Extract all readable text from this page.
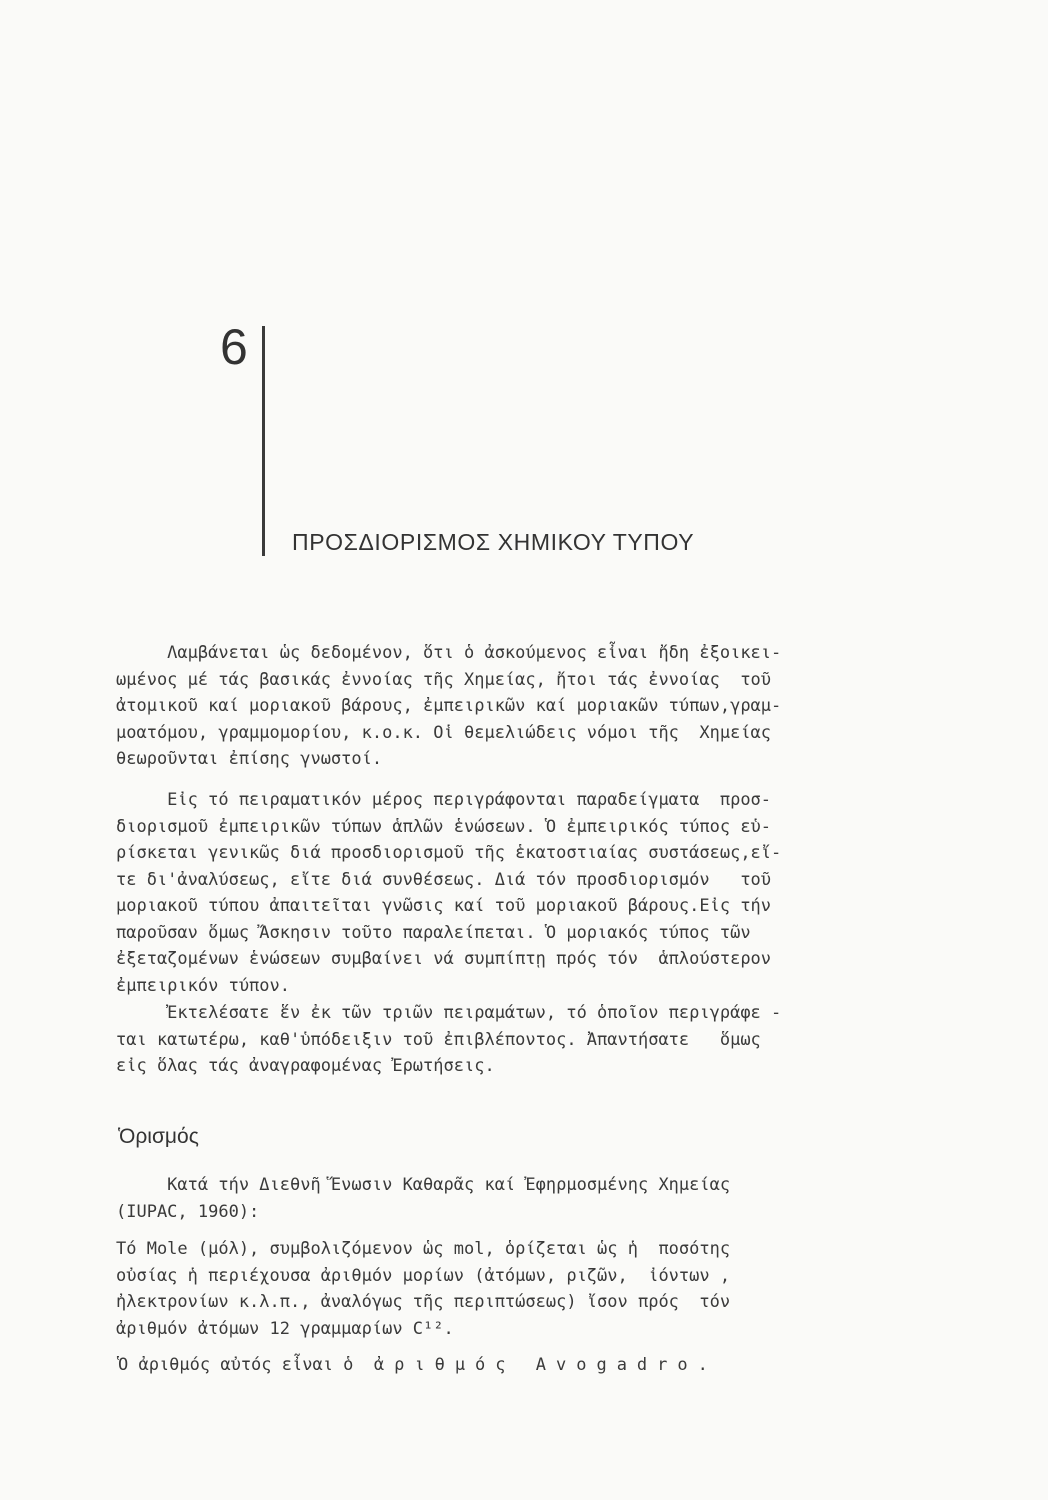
6
ΠΡΟΣΔΙΟΡΙΣΜΟΣ ΧΗΜΙΚΟΥ ΤΥΠΟΥ
Λαμβάνεται ὡς δεδομένον, ὅτι ὁ ἀσκούμενος εἶναι ἤδη ἐξοικει-
ωμένος μέ τάς βασικάς ἐννοίας τῆς Χημείας, ἤτοι τάς ἐννοίας  τοῦ
ἀτομικοῦ καί μοριακοῦ βάρους, ἐμπειρικῶν καί μοριακῶν τύπων,γραμ-
μοατόμου, γραμμομορίου, κ.ο.κ. Οἱ θεμελιώδεις νόμοι τῆς  Χημείας
θεωροῦνται ἐπίσης γνωστοί.
Εἰς τό πειραματικόν μέρος περιγράφονται παραδείγματα  προσ-
διορισμοῦ ἐμπειρικῶν τύπων ἁπλῶν ἑνώσεων. Ὁ ἐμπειρικός τύπος εὑ-
ρίσκεται γενικῶς διά προσδιορισμοῦ τῆς ἑκατοστιαίας συστάσεως,εἴ-
τε δι'ἀναλύσεως, εἴτε διά συνθέσεως. Διά τόν προσδιορισμόν   τοῦ
μοριακοῦ τύπου ἀπαιτεῖται γνῶσις καί τοῦ μοριακοῦ βάρους.Εἰς τήν
παροῦσαν ὅμως Ἄσκησιν τοῦτο παραλείπεται. Ὁ μοριακός τύπος τῶν
ἐξεταζομένων ἑνώσεων συμβαίνει νά συμπίπτῃ πρός τόν  ἁπλούστερον
ἐμπειρικόν τύπον.
Ἐκτελέσατε ἕν ἐκ τῶν τριῶν πειραμάτων, τό ὁποῖον περιγράφε -
ται κατωτέρω, καθ'ὑπόδειξιν τοῦ ἐπιβλέποντος. Ἀπαντήσατε   ὅμως
εἰς ὅλας τάς ἀναγραφομένας Ἐρωτήσεις.
Ὁρισμός
Κατά τήν Διεθνῆ Ἕνωσιν Καθαρᾶς καί Ἐφηρμοσμένης Χημείας
(IUPAC, 1960):
Τό Mole (μόλ), συμβολιζόμενον ὡς mol, ὁρίζεται ὡς ἡ  ποσότης
οὐσίας ἡ περιέχουσα ἀριθμόν μορίων (ἀτόμων, ριζῶν,  ἰόντων ,
ἠλεκτρονίων κ.λ.π., ἀναλόγως τῆς περιπτώσεως) ἴσον πρός  τόν
ἀριθμόν ἀτόμων 12 γραμμαρίων C¹².
Ὁ ἀριθμός αὐτός εἶναι ὁ  ἀριθμός Avogadro.
